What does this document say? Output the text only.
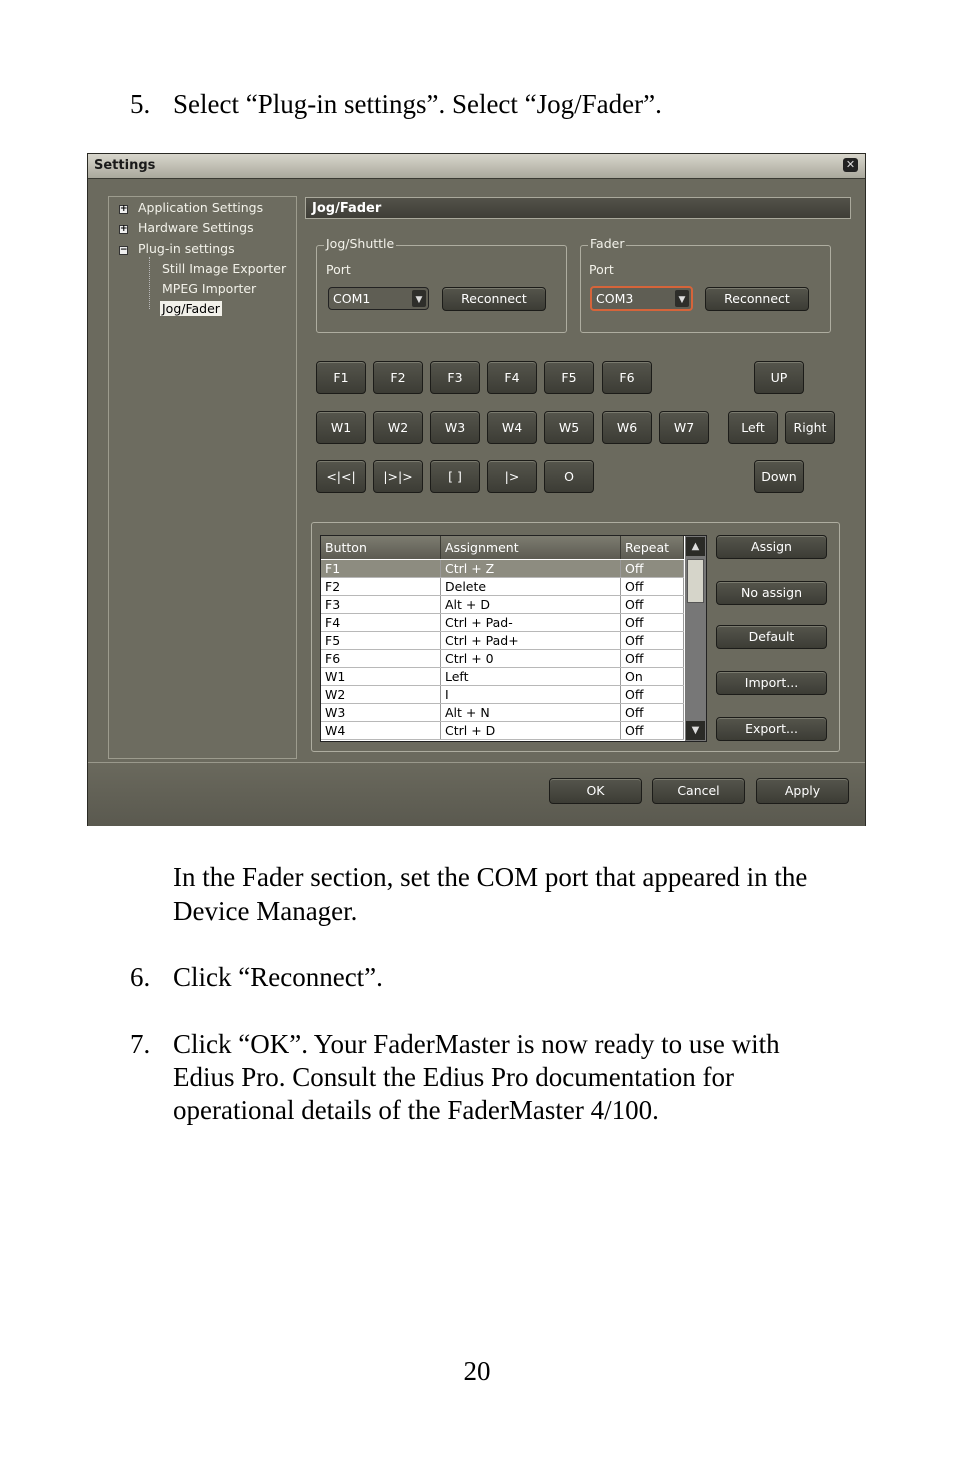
5. Select “Plug-in settings”. Select “Jog/Fader”.
Settings	✕
+ Application Settings
+ Hardware Settings
− Plug-in settings
Still Image Exporter
MPEG Importer
Jog/Fader
Jog/Fader
Jog/Shuttle
Port
COM1	▼	Reconnect
Fader
Port
COM3	▼	Reconnect
F1	F2	F3	F4	F5	F6	UP
W1	W2	W3	W4	W5	W6	W7	Left	Right
<|<|	|>|>	[ ]	|>	O	Down
Button	Assignment	Repeat
F1	Ctrl + Z	Off
F2	Delete	Off
F3	Alt + D	Off
F4	Ctrl + Pad-	Off
F5	Ctrl + Pad+	Off
F6	Ctrl + 0	Off
W1	Left	On
W2	I	Off
W3	Alt + N	Off
W4	Ctrl + D	Off
▲
▼
Assign
No assign
Default
Import...
Export...
OK	Cancel	Apply
In the Fader section, set the COM port that appeared in the
Device Manager.
6. Click “Reconnect”.
7. Click “OK”. Your FaderMaster is now ready to use with
Edius Pro. Consult the Edius Pro documentation for
operational details of the FaderMaster 4/100.
20
